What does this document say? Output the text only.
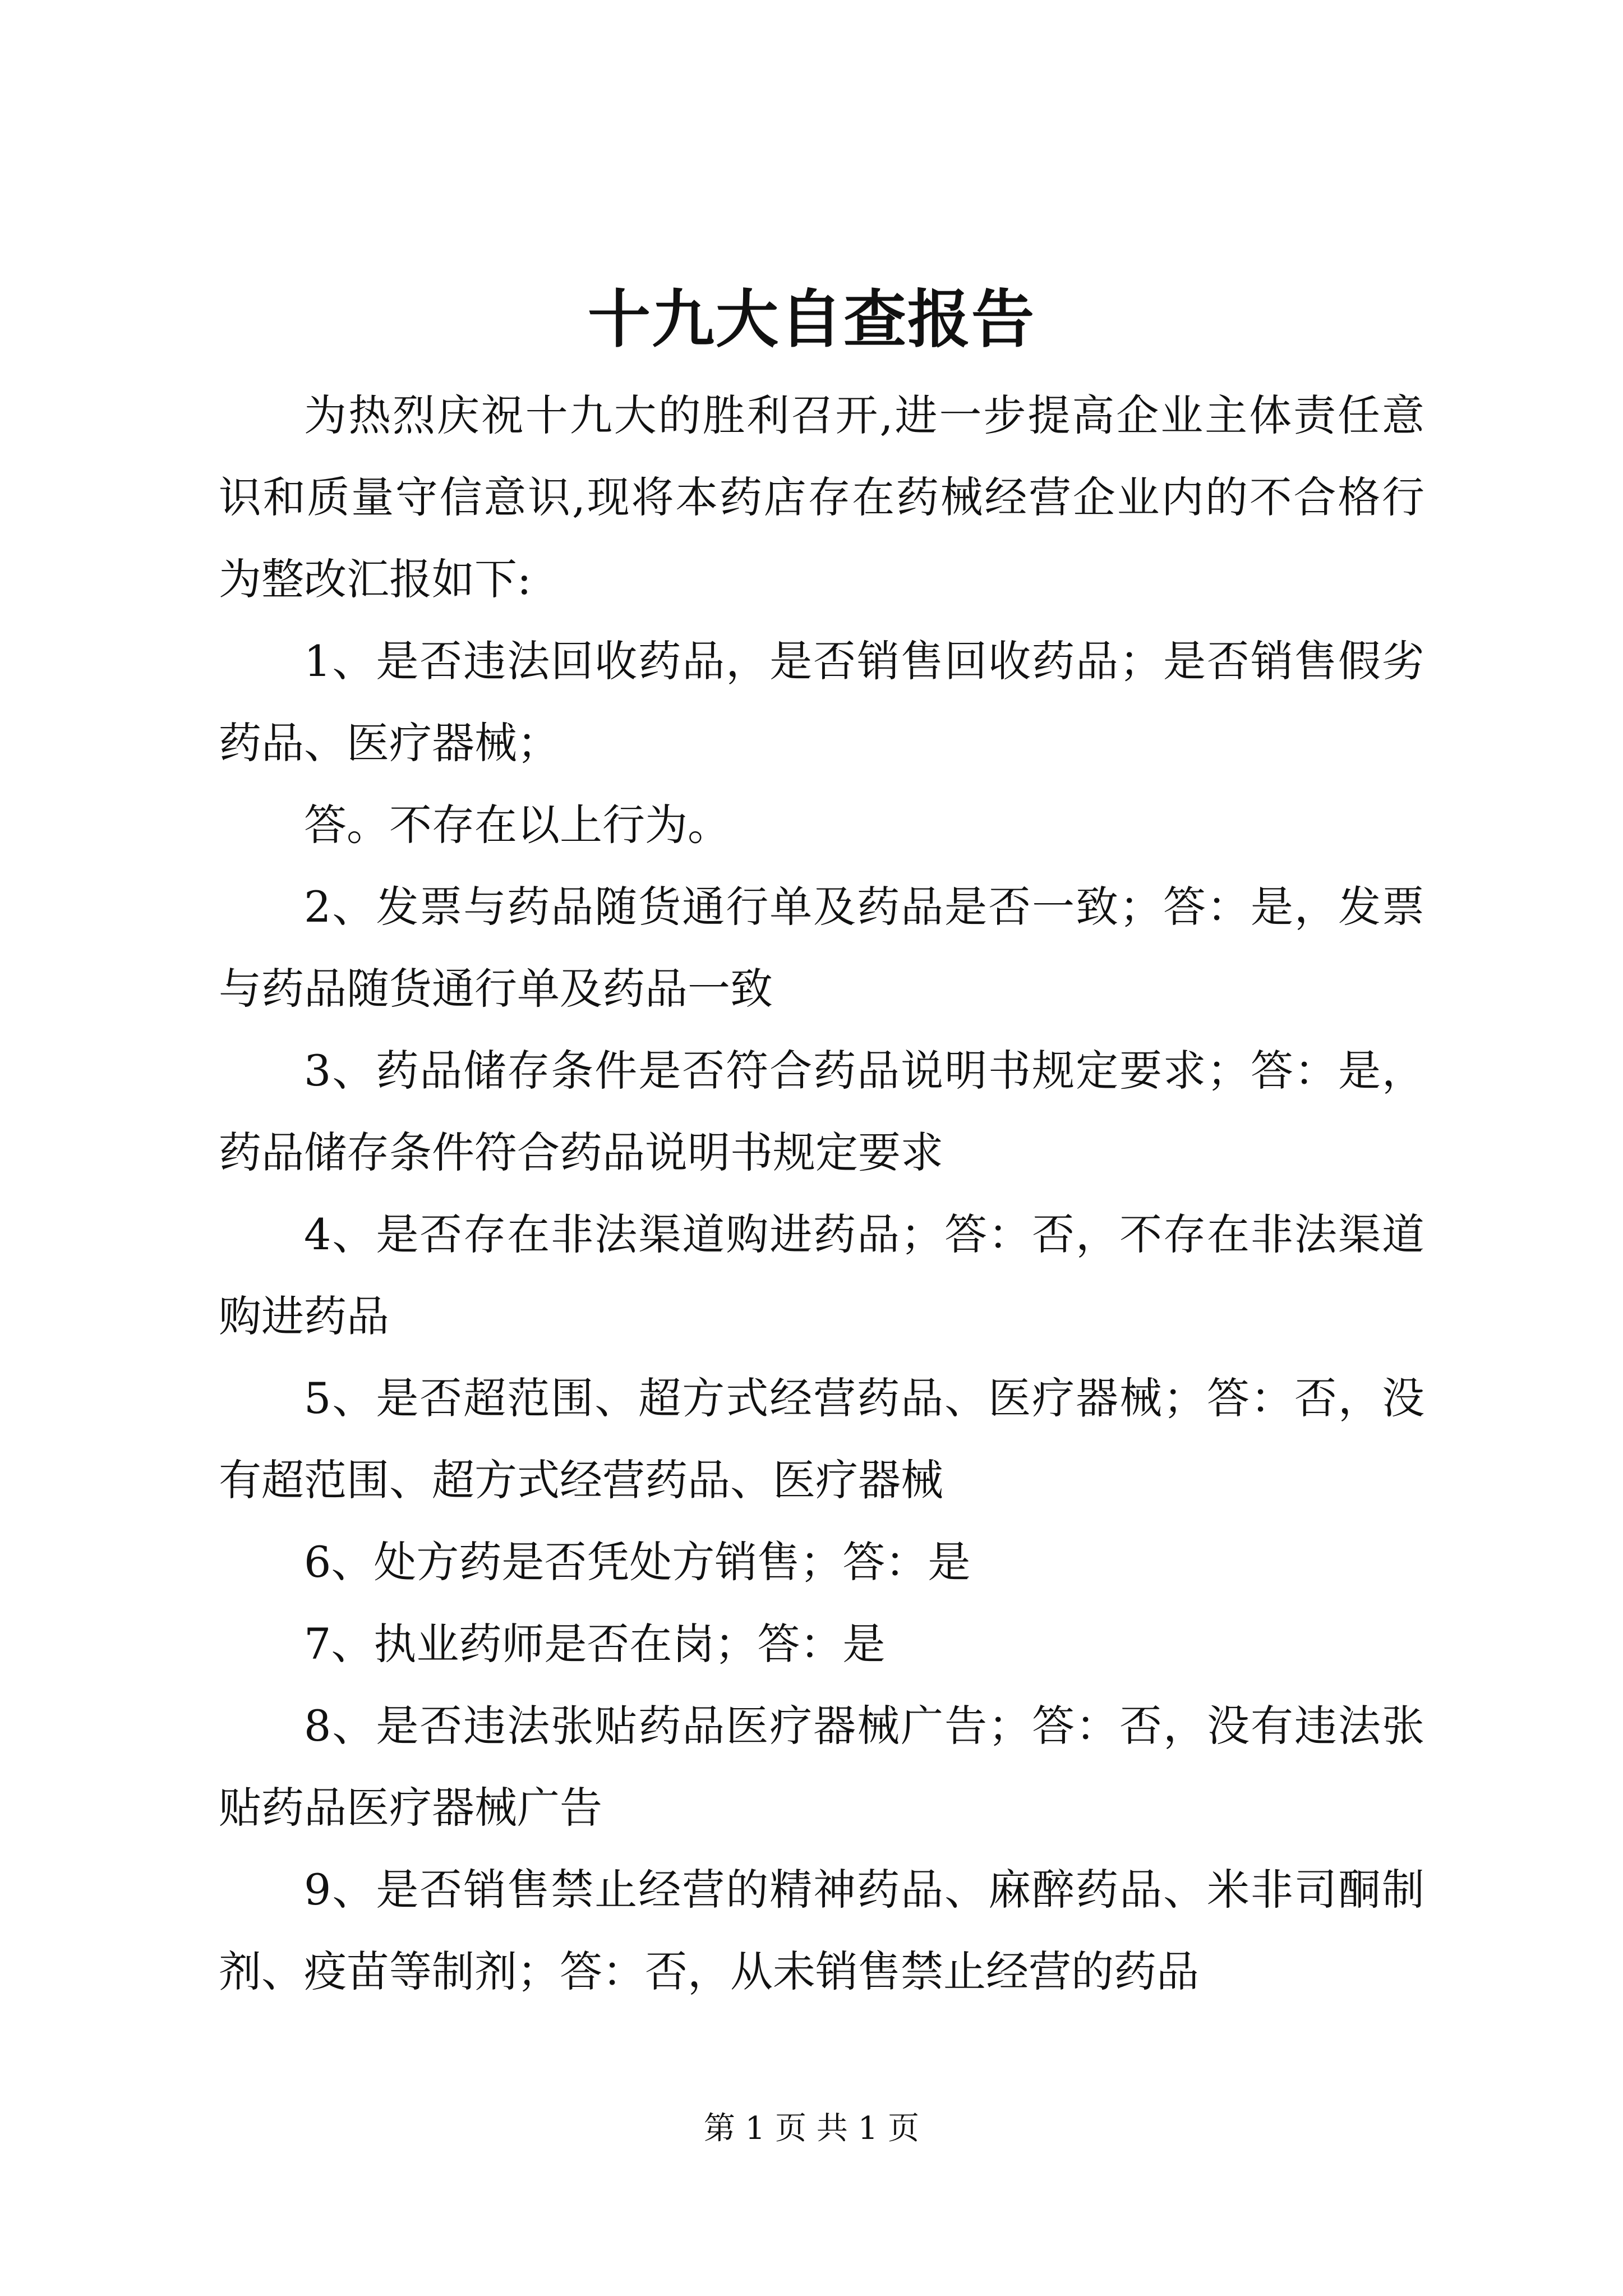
十九大自查报告

为热烈庆祝十九大的胜利召开,进一步提高企业主体责任意识和质量守信意识,现将本药店存在药械经营企业内的不合格行为整改汇报如下:

1、是否违法回收药品，是否销售回收药品；是否销售假劣药品、医疗器械；

答。不存在以上行为。

2、发票与药品随货通行单及药品是否一致；答：是，发票与药品随货通行单及药品一致

3、药品储存条件是否符合药品说明书规定要求；答：是，药品储存条件符合药品说明书规定要求

4、是否存在非法渠道购进药品；答：否，不存在非法渠道购进药品

5、是否超范围、超方式经营药品、医疗器械；答：否，没有超范围、超方式经营药品、医疗器械

6、处方药是否凭处方销售；答：是

7、执业药师是否在岗；答：是

8、是否违法张贴药品医疗器械广告；答：否，没有违法张贴药品医疗器械广告

9、是否销售禁止经营的精神药品、麻醉药品、米非司酮制剂、疫苗等制剂；答：否，从未销售禁止经营的药品

第 1 页 共 1 页
